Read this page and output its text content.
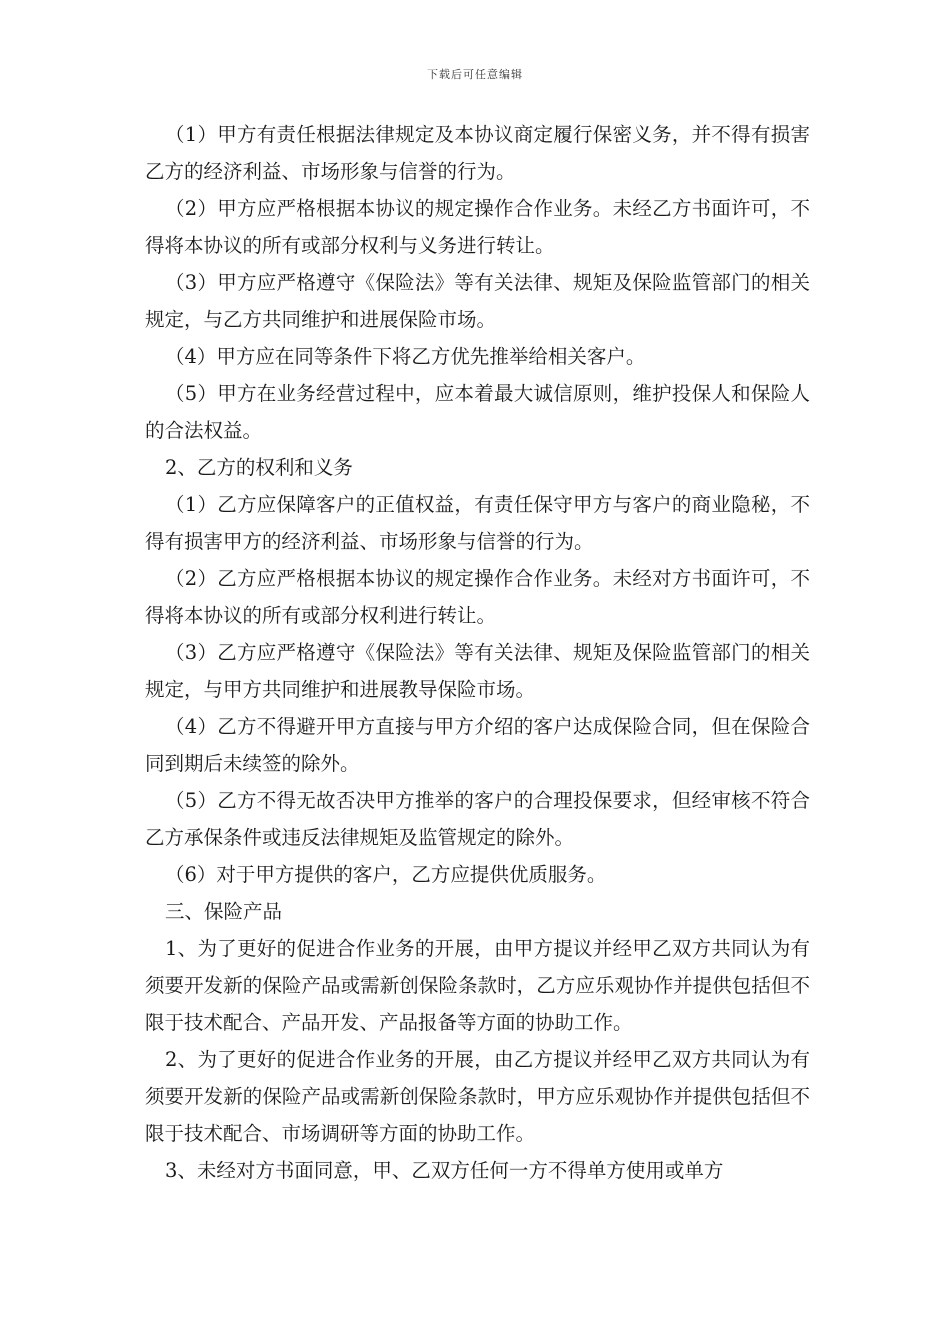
下载后可任意编辑

（1）甲方有责任根据法律规定及本协议商定履行保密义务，并不得有损害乙方的经济利益、市场形象与信誉的行为。

（2）甲方应严格根据本协议的规定操作合作业务。未经乙方书面许可，不得将本协议的所有或部分权利与义务进行转让。

（3）甲方应严格遵守《保险法》等有关法律、规矩及保险监管部门的相关规定，与乙方共同维护和进展保险市场。

（4）甲方应在同等条件下将乙方优先推举给相关客户。

（5）甲方在业务经营过程中，应本着最大诚信原则，维护投保人和保险人的合法权益。

2、乙方的权利和义务

（1）乙方应保障客户的正值权益，有责任保守甲方与客户的商业隐秘，不得有损害甲方的经济利益、市场形象与信誉的行为。

（2）乙方应严格根据本协议的规定操作合作业务。未经对方书面许可，不得将本协议的所有或部分权利进行转让。

（3）乙方应严格遵守《保险法》等有关法律、规矩及保险监管部门的相关规定，与甲方共同维护和进展教导保险市场。

（4）乙方不得避开甲方直接与甲方介绍的客户达成保险合同，但在保险合同到期后未续签的除外。

（5）乙方不得无故否决甲方推举的客户的合理投保要求，但经审核不符合乙方承保条件或违反法律规矩及监管规定的除外。

（6）对于甲方提供的客户，乙方应提供优质服务。

三、保险产品

1、为了更好的促进合作业务的开展，由甲方提议并经甲乙双方共同认为有须要开发新的保险产品或需新创保险条款时，乙方应乐观协作并提供包括但不限于技术配合、产品开发、产品报备等方面的协助工作。

2、为了更好的促进合作业务的开展，由乙方提议并经甲乙双方共同认为有须要开发新的保险产品或需新创保险条款时，甲方应乐观协作并提供包括但不限于技术配合、市场调研等方面的协助工作。

3、未经对方书面同意，甲、乙双方任何一方不得单方使用或单方
